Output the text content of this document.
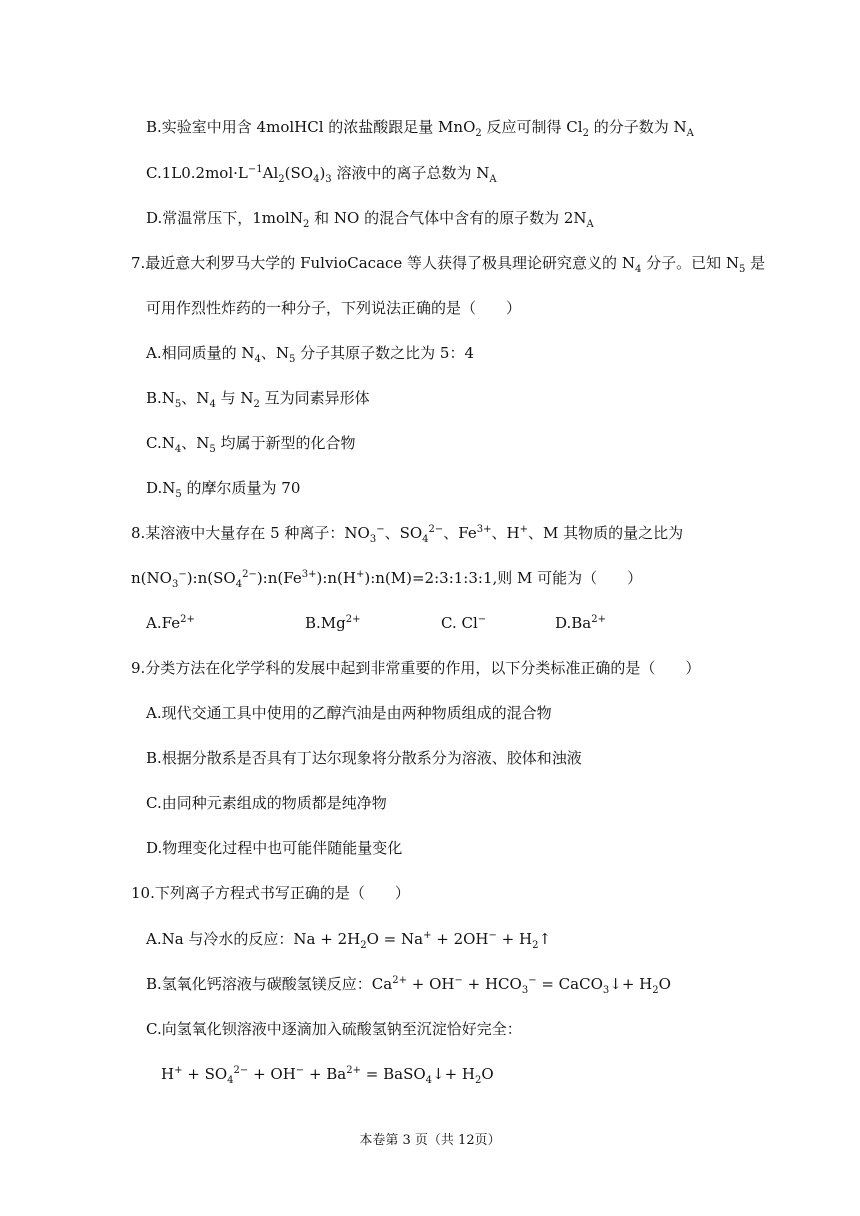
B.实验室中用含 4molHCl 的浓盐酸跟足量 MnO$_2$ 反应可制得 $Cl_2$ 的分子数为 $N_A$
$C.1L0.2mol\cdot L^{-1}Al_2(SO_4)_3$ 溶液中的离子总数为 $N_A$
D.常温常压下，1molN$_2$ 和 NO 的混合气体中含有的原子数为 $2N_A$
7.最近意大利罗马大学的 FulvioCacace 等人获得了极具理论研究意义的 $N_4$ 分子。已知 $N_5$ 是
可用作烈性炸药的一种分子，下列说法正确的是（　　）
A.相同质量的 $N_4$、$N_5$ 分子其原子数之比为 5：4
$B.N_5$、$N_4$ 与 $N_2$ 互为同素异形体
$C.N_4$、$N_5$ 均属于新型的化合物
$D.N_5$ 的摩尔质量为 70
8.某溶液中大量存在 5 种离子：$NO_3^-$、$SO_4^{2-}$、$Fe^{3+}$、H+、M 其物质的量之比为
$n(NO_3^-):n(SO_4^{2-}):n(Fe^{3+}):n(H^+):n(M)=2:3:1:3:1$,则 M 可能为（　　）
$A.Fe^{2+}$	$B.Mg^{2+}$	C. Cl−	$D.Ba^{2+}$
9.分类方法在化学学科的发展中起到非常重要的作用，以下分类标准正确的是（　　）
A.现代交通工具中使用的乙醇汽油是由两种物质组成的混合物
B.根据分散系是否具有丁达尔现象将分散系分为溶液、胶体和浊液
C.由同种元素组成的物质都是纯净物
D.物理变化过程中也可能伴随能量变化
10.下列离子方程式书写正确的是（　　）
A.Na 与冷水的反应：$Na + 2H_2O = Na^+ + 2OH^-$ + $H_2↑$
B.氢氧化钙溶液与碳酸氢镁反应：$Ca^{2+} + OH^- + HCO_3^-$ = CaCO$_3$↓+ $H_2O$
C.向氢氧化钡溶液中逐滴加入硫酸氢钠至沉淀恰好完全：
$H^+ + SO_4^{2-} + OH^- + Ba^{2+}$ = BaSO$_4$↓+ $H_2O$
本卷第 3 页（共 12页）
